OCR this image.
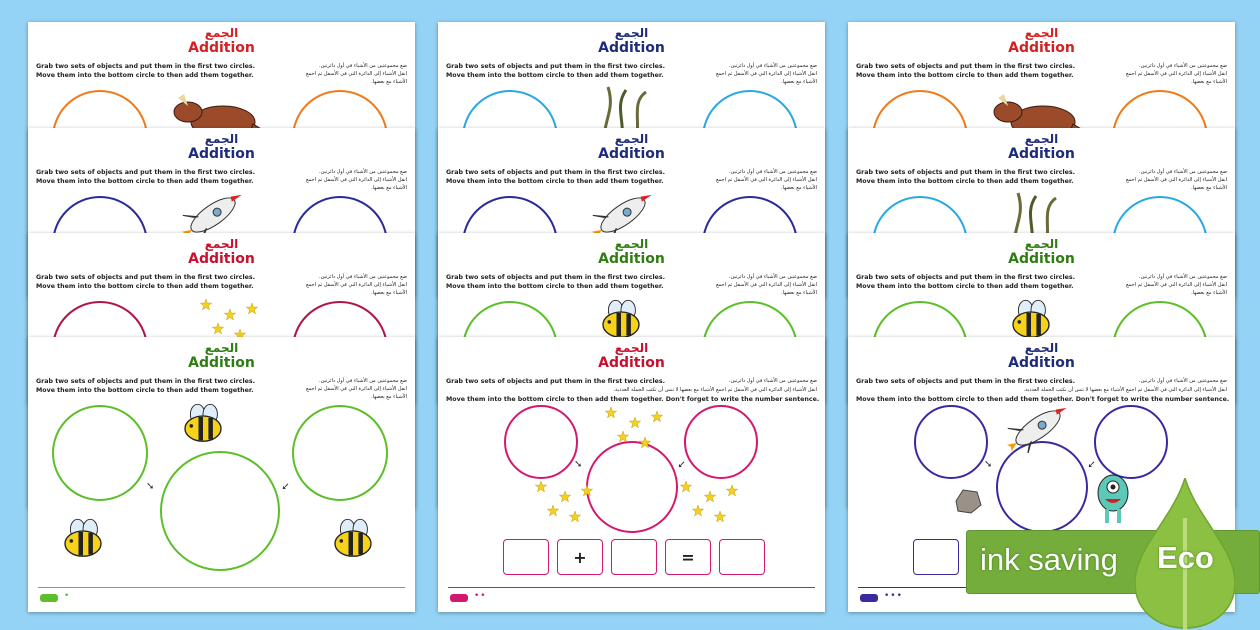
الجمع
Addition
Grab two sets of objects and put them in the first two circles.
Move them into the bottom circle to then add them together.
ضع مجموعتين من الأشياء في أول دائرتين.
انقل الأشياء إلى الدائرة التي في الأسفل ثم اجمع الأشياء مع بعضها.
الجمع
Addition
Grab two sets of objects and put them in the first two circles.
Move them into the bottom circle to then add them together.
ضع مجموعتين من الأشياء في أول دائرتين.
انقل الأشياء إلى الدائرة التي في الأسفل ثم اجمع الأشياء مع بعضها.
الجمع
Addition
Grab two sets of objects and put them in the first two circles.
Move them into the bottom circle to then add them together.
ضع مجموعتين من الأشياء في أول دائرتين.
انقل الأشياء إلى الدائرة التي في الأسفل ثم اجمع الأشياء مع بعضها.
الجمع
Addition
Grab two sets of objects and put them in the first two circles.
Move them into the bottom circle to then add them together.
ضع مجموعتين من الأشياء في أول دائرتين.
انقل الأشياء إلى الدائرة التي في الأسفل ثم اجمع الأشياء مع بعضها.
➘	➚
•
الجمع
Addition
Grab two sets of objects and put them in the first two circles.
Move them into the bottom circle to then add them together.
ضع مجموعتين من الأشياء في أول دائرتين.
انقل الأشياء إلى الدائرة التي في الأسفل ثم اجمع الأشياء مع بعضها.
الجمع
Addition
Grab two sets of objects and put them in the first two circles.
Move them into the bottom circle to then add them together.
ضع مجموعتين من الأشياء في أول دائرتين.
انقل الأشياء إلى الدائرة التي في الأسفل ثم اجمع الأشياء مع بعضها.
الجمع
Addition
Grab two sets of objects and put them in the first two circles.
Move them into the bottom circle to then add them together.
ضع مجموعتين من الأشياء في أول دائرتين.
انقل الأشياء إلى الدائرة التي في الأسفل ثم اجمع الأشياء مع بعضها.
الجمع
Addition
Grab two sets of objects and put them in the first two circles.
Move them into the bottom circle to then add them together. Don't forget to write the number sentence.
ضع مجموعتين من الأشياء في أول دائرتين.
انقل الأشياء إلى الدائرة التي في الأسفل ثم اجمع الأشياء مع بعضها لا تنس أن تكتب الجملة العددية.
➘	➚
+	=
••
الجمع
Addition
Grab two sets of objects and put them in the first two circles.
Move them into the bottom circle to then add them together.
ضع مجموعتين من الأشياء في أول دائرتين.
انقل الأشياء إلى الدائرة التي في الأسفل ثم اجمع الأشياء مع بعضها.
الجمع
Addition
Grab two sets of objects and put them in the first two circles.
Move them into the bottom circle to then add them together.
ضع مجموعتين من الأشياء في أول دائرتين.
انقل الأشياء إلى الدائرة التي في الأسفل ثم اجمع الأشياء مع بعضها.
الجمع
Addition
Grab two sets of objects and put them in the first two circles.
Move them into the bottom circle to then add them together.
ضع مجموعتين من الأشياء في أول دائرتين.
انقل الأشياء إلى الدائرة التي في الأسفل ثم اجمع الأشياء مع بعضها.
الجمع
Addition
Grab two sets of objects and put them in the first two circles.
Move them into the bottom circle to then add them together. Don't forget to write the number sentence.
ضع مجموعتين من الأشياء في أول دائرتين.
انقل الأشياء إلى الدائرة التي في الأسفل ثم اجمع الأشياء مع بعضها لا تنس أن تكتب الجملة العددية.
➘	➚
•••
ink saving Eco
